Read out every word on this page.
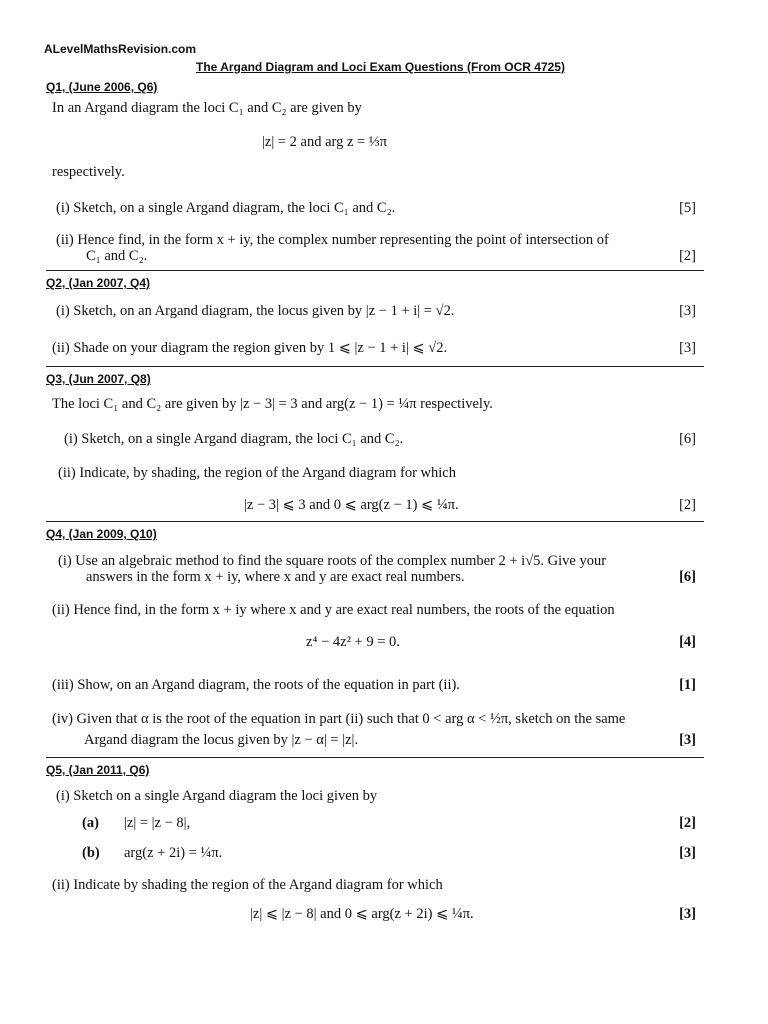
ALevelMathsRevision.com
The Argand Diagram and Loci Exam Questions (From OCR 4725)
Q1, (June 2006, Q6)
In an Argand diagram the loci C₁ and C₂ are given by
|z| = 2 and arg z = ⅓π
respectively.
(i) Sketch, on a single Argand diagram, the loci C₁ and C₂.	[5]
(ii) Hence find, in the form x + iy, the complex number representing the point of intersection of
C₁ and C₂.	[2]
Q2, (Jan 2007, Q4)
(i) Sketch, on an Argand diagram, the locus given by |z − 1 + i| = √2.	[3]
(ii) Shade on your diagram the region given by 1 ⩽ |z − 1 + i| ⩽ √2.	[3]
Q3, (Jun 2007, Q8)
The loci C₁ and C₂ are given by |z − 3| = 3 and arg(z − 1) = ¼π respectively.
(i) Sketch, on a single Argand diagram, the loci C₁ and C₂.	[6]
(ii) Indicate, by shading, the region of the Argand diagram for which
|z − 3| ⩽ 3 and 0 ⩽ arg(z − 1) ⩽ ¼π.	[2]
Q4, (Jan 2009, Q10)
(i) Use an algebraic method to find the square roots of the complex number 2 + i√5. Give your
answers in the form x + iy, where x and y are exact real numbers.	[6]
(ii) Hence find, in the form x + iy where x and y are exact real numbers, the roots of the equation
z⁴ − 4z² + 9 = 0.	[4]
(iii) Show, on an Argand diagram, the roots of the equation in part (ii).	[1]
(iv) Given that α is the root of the equation in part (ii) such that 0 < arg α < ½π, sketch on the same
Argand diagram the locus given by |z − α| = |z|.	[3]
Q5, (Jan 2011, Q6)
(i) Sketch on a single Argand diagram the loci given by
(a) |z| = |z − 8|,	[2]
(b) arg(z + 2i) = ¼π.	[3]
(ii) Indicate by shading the region of the Argand diagram for which
|z| ⩽ |z − 8| and 0 ⩽ arg(z + 2i) ⩽ ¼π.	[3]
